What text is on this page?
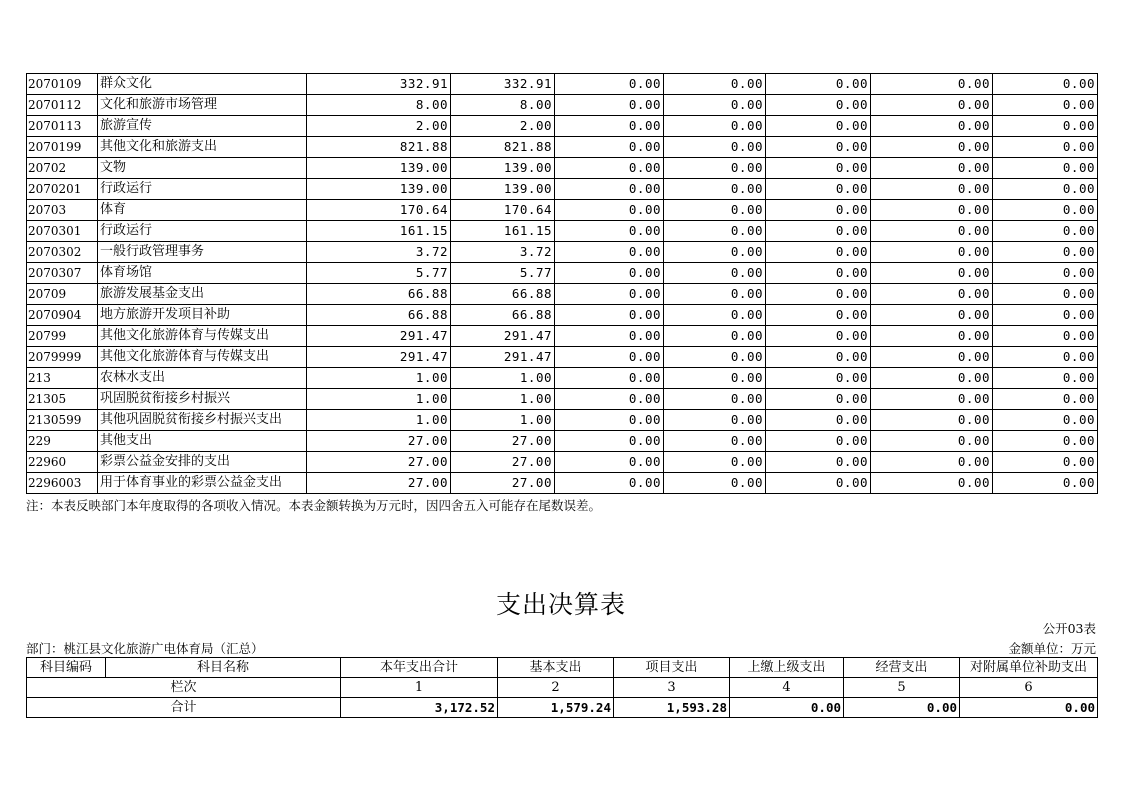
2070109	群众文化	332.91	332.91	0.00	0.00	0.00	0.00	0.00
2070112	文化和旅游市场管理	8.00	8.00	0.00	0.00	0.00	0.00	0.00
2070113	旅游宣传	2.00	2.00	0.00	0.00	0.00	0.00	0.00
2070199	其他文化和旅游支出	821.88	821.88	0.00	0.00	0.00	0.00	0.00
20702	文物	139.00	139.00	0.00	0.00	0.00	0.00	0.00
2070201	行政运行	139.00	139.00	0.00	0.00	0.00	0.00	0.00
20703	体育	170.64	170.64	0.00	0.00	0.00	0.00	0.00
2070301	行政运行	161.15	161.15	0.00	0.00	0.00	0.00	0.00
2070302	一般行政管理事务	3.72	3.72	0.00	0.00	0.00	0.00	0.00
2070307	体育场馆	5.77	5.77	0.00	0.00	0.00	0.00	0.00
20709	旅游发展基金支出	66.88	66.88	0.00	0.00	0.00	0.00	0.00
2070904	地方旅游开发项目补助	66.88	66.88	0.00	0.00	0.00	0.00	0.00
20799	其他文化旅游体育与传媒支出	291.47	291.47	0.00	0.00	0.00	0.00	0.00
2079999	其他文化旅游体育与传媒支出	291.47	291.47	0.00	0.00	0.00	0.00	0.00
213	农林水支出	1.00	1.00	0.00	0.00	0.00	0.00	0.00
21305	巩固脱贫衔接乡村振兴	1.00	1.00	0.00	0.00	0.00	0.00	0.00
2130599	其他巩固脱贫衔接乡村振兴支出	1.00	1.00	0.00	0.00	0.00	0.00	0.00
229	其他支出	27.00	27.00	0.00	0.00	0.00	0.00	0.00
22960	彩票公益金安排的支出	27.00	27.00	0.00	0.00	0.00	0.00	0.00
2296003	用于体育事业的彩票公益金支出	27.00	27.00	0.00	0.00	0.00	0.00	0.00
注：本表反映部门本年度取得的各项收入情况。本表金额转换为万元时，因四舍五入可能存在尾数误差。
支出决算表
公开03表
部门：桃江县文化旅游广电体育局（汇总）	金额单位：万元
科目编码	科目名称	本年支出合计	基本支出	项目支出	上缴上级支出	经营支出	对附属单位补助支出
栏次		1	2	3	4	5	6
合计		3,172.52	1,579.24	1,593.28	0.00	0.00	0.00
